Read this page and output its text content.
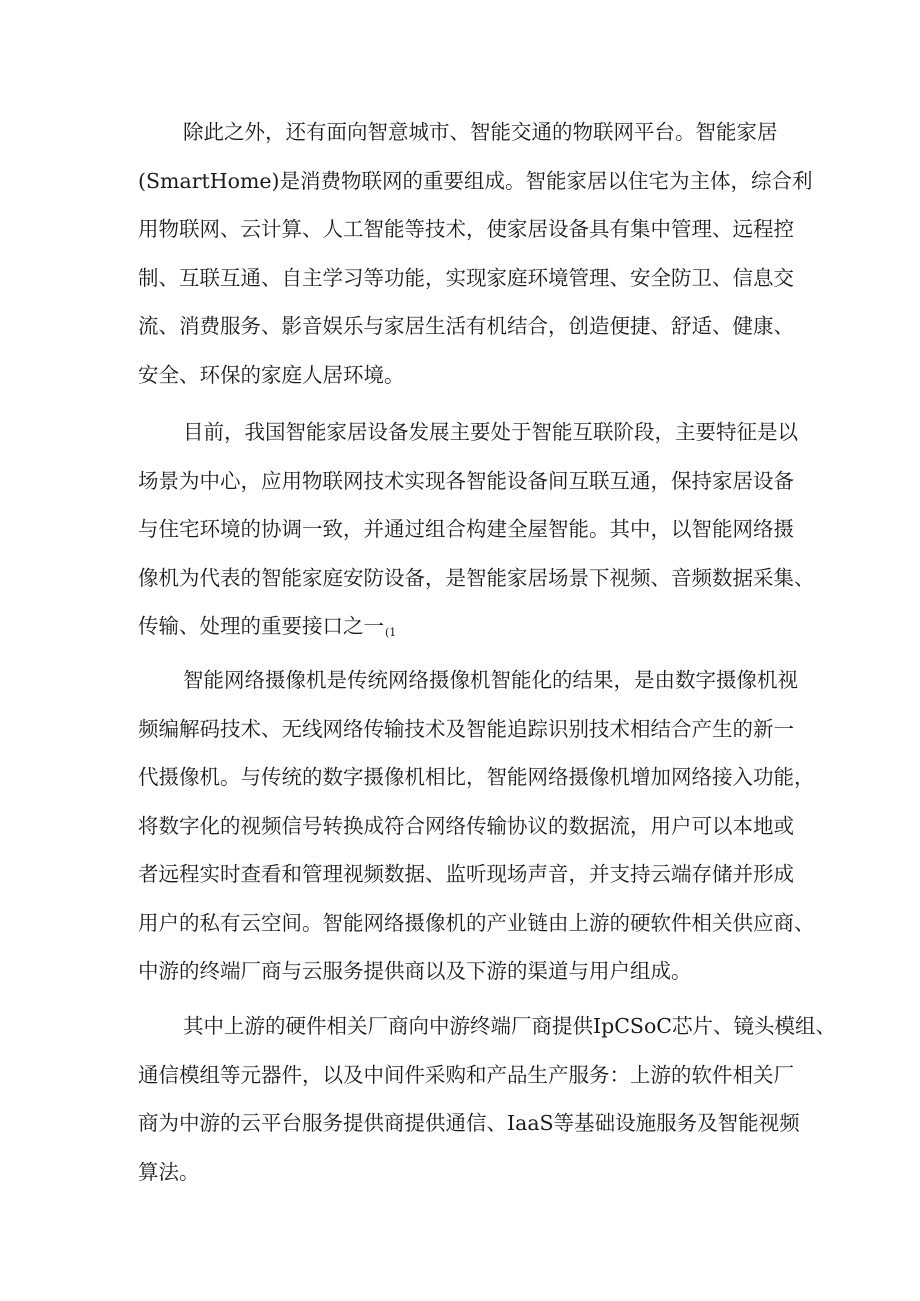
除此之外，还有面向智意城市、智能交通的物联网平台。智能家居
(SmartHome)是消费物联网的重要组成。智能家居以住宅为主体，综合利
用物联网、云计算、人工智能等技术，使家居设备具有集中管理、远程控
制、互联互通、自主学习等功能，实现家庭环境管理、安全防卫、信息交
流、消费服务、影音娱乐与家居生活有机结合，创造便捷、舒适、健康、
安全、环保的家庭人居环境。
目前，我国智能家居设备发展主要处于智能互联阶段，主要特征是以
场景为中心，应用物联网技术实现各智能设备间互联互通，保持家居设备
与住宅环境的协调一致，并通过组合构建全屋智能。其中，以智能网络摄
像机为代表的智能家庭安防设备，是智能家居场景下视频、音频数据采集、
传输、处理的重要接口之一(1
智能网络摄像机是传统网络摄像机智能化的结果，是由数字摄像机视
频编解码技术、无线网络传输技术及智能追踪识别技术相结合产生的新一
代摄像机。与传统的数字摄像机相比，智能网络摄像机增加网络接入功能，
将数字化的视频信号转换成符合网络传输协议的数据流，用户可以本地或
者远程实时查看和管理视频数据、监听现场声音，并支持云端存储并形成
用户的私有云空间。智能网络摄像机的产业链由上游的硬软件相关供应商、
中游的终端厂商与云服务提供商以及下游的渠道与用户组成。
其中上游的硬件相关厂商向中游终端厂商提供IpCSoC芯片、镜头模组、
通信模组等元器件，以及中间件采购和产品生产服务：上游的软件相关厂
商为中游的云平台服务提供商提供通信、IaaS等基础设施服务及智能视频
算法。
